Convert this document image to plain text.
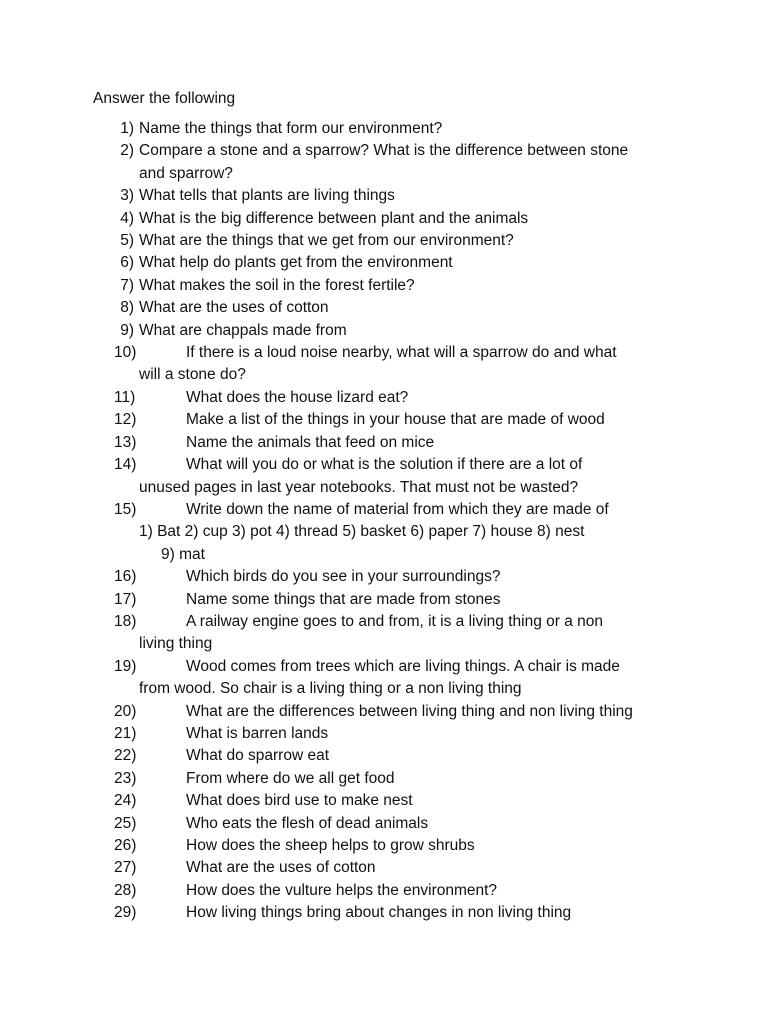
Answer the following
1) Name the things that form our environment?
2) Compare a stone and a sparrow? What is the difference between stone
and sparrow?
3) What tells that plants are living things
4) What is the big difference between plant and the animals
5) What are the things that we get from our environment?
6) What help do plants get from the environment
7) What makes the soil in the forest fertile?
8) What are the uses of cotton
9) What are chappals made from
10)	If there is a loud noise nearby, what will a sparrow do and what
will a stone do?
11)	What does the house lizard eat?
12)	Make a list of the things in your house that are made of wood
13)	Name the animals that feed on mice
14)	What will you do or what is the solution if there are a lot of
unused pages in last year notebooks. That must not be wasted?
15)	Write down the name of material from which they are made of
1) Bat 2) cup 3) pot 4) thread 5) basket 6) paper 7) house 8) nest
9) mat
16)	Which birds do you see in your surroundings?
17)	Name some things that are made from stones
18)	A railway engine goes to and from, it is a living thing or a non
living thing
19)	Wood comes from trees which are living things. A chair is made
from wood. So chair is a living thing or a non living thing
20)	What are the differences between living thing and non living thing
21)	What is barren lands
22)	What do sparrow eat
23)	From where do we all get food
24)	What does bird use to make nest
25)	Who eats the flesh of dead animals
26)	How does the sheep helps to grow shrubs
27)	What are the uses of cotton
28)	How does the vulture helps the environment?
29)	How living things bring about changes in non living thing
